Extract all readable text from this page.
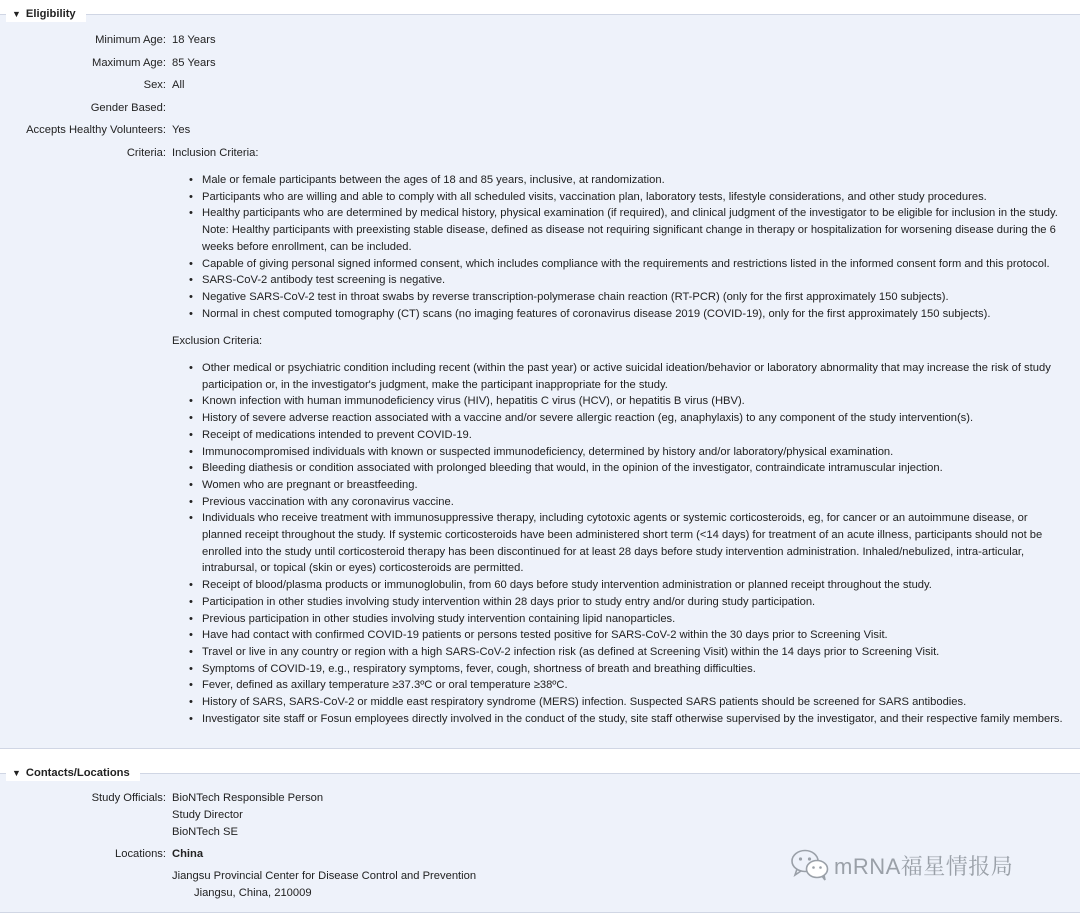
▼ Eligibility
Minimum Age: 18 Years
Maximum Age: 85 Years
Sex: All
Gender Based:
Accepts Healthy Volunteers: Yes
Criteria: Inclusion Criteria:
• Male or female participants between the ages of 18 and 85 years, inclusive, at randomization.
• Participants who are willing and able to comply with all scheduled visits, vaccination plan, laboratory tests, lifestyle considerations, and other study procedures.
• Healthy participants who are determined by medical history, physical examination (if required), and clinical judgment of the investigator to be eligible for inclusion in the study. Note: Healthy participants with preexisting stable disease, defined as disease not requiring significant change in therapy or hospitalization for worsening disease during the 6 weeks before enrollment, can be included.
• Capable of giving personal signed informed consent, which includes compliance with the requirements and restrictions listed in the informed consent form and this protocol.
• SARS-CoV-2 antibody test screening is negative.
• Negative SARS-CoV-2 test in throat swabs by reverse transcription-polymerase chain reaction (RT-PCR) (only for the first approximately 150 subjects).
• Normal in chest computed tomography (CT) scans (no imaging features of coronavirus disease 2019 (COVID-19), only for the first approximately 150 subjects).
Exclusion Criteria:
• Other medical or psychiatric condition including recent (within the past year) or active suicidal ideation/behavior or laboratory abnormality that may increase the risk of study participation or, in the investigator's judgment, make the participant inappropriate for the study.
• Known infection with human immunodeficiency virus (HIV), hepatitis C virus (HCV), or hepatitis B virus (HBV).
• History of severe adverse reaction associated with a vaccine and/or severe allergic reaction (eg, anaphylaxis) to any component of the study intervention(s).
• Receipt of medications intended to prevent COVID-19.
• Immunocompromised individuals with known or suspected immunodeficiency, determined by history and/or laboratory/physical examination.
• Bleeding diathesis or condition associated with prolonged bleeding that would, in the opinion of the investigator, contraindicate intramuscular injection.
• Women who are pregnant or breastfeeding.
• Previous vaccination with any coronavirus vaccine.
• Individuals who receive treatment with immunosuppressive therapy, including cytotoxic agents or systemic corticosteroids, eg, for cancer or an autoimmune disease, or planned receipt throughout the study. If systemic corticosteroids have been administered short term (<14 days) for treatment of an acute illness, participants should not be enrolled into the study until corticosteroid therapy has been discontinued for at least 28 days before study intervention administration. Inhaled/nebulized, intra-articular, intrabursal, or topical (skin or eyes) corticosteroids are permitted.
• Receipt of blood/plasma products or immunoglobulin, from 60 days before study intervention administration or planned receipt throughout the study.
• Participation in other studies involving study intervention within 28 days prior to study entry and/or during study participation.
• Previous participation in other studies involving study intervention containing lipid nanoparticles.
• Have had contact with confirmed COVID-19 patients or persons tested positive for SARS-CoV-2 within the 30 days prior to Screening Visit.
• Travel or live in any country or region with a high SARS-CoV-2 infection risk (as defined at Screening Visit) within the 14 days prior to Screening Visit.
• Symptoms of COVID-19, e.g., respiratory symptoms, fever, cough, shortness of breath and breathing difficulties.
• Fever, defined as axillary temperature ≥37.3ºC or oral temperature ≥38ºC.
• History of SARS, SARS-CoV-2 or middle east respiratory syndrome (MERS) infection. Suspected SARS patients should be screened for SARS antibodies.
• Investigator site staff or Fosun employees directly involved in the conduct of the study, site staff otherwise supervised by the investigator, and their respective family members.
▼ Contacts/Locations
Study Officials: BioNTech Responsible Person
Study Director
BioNTech SE
Locations: China
Jiangsu Provincial Center for Disease Control and Prevention
Jiangsu, China, 210009
mRNA福星情报局
